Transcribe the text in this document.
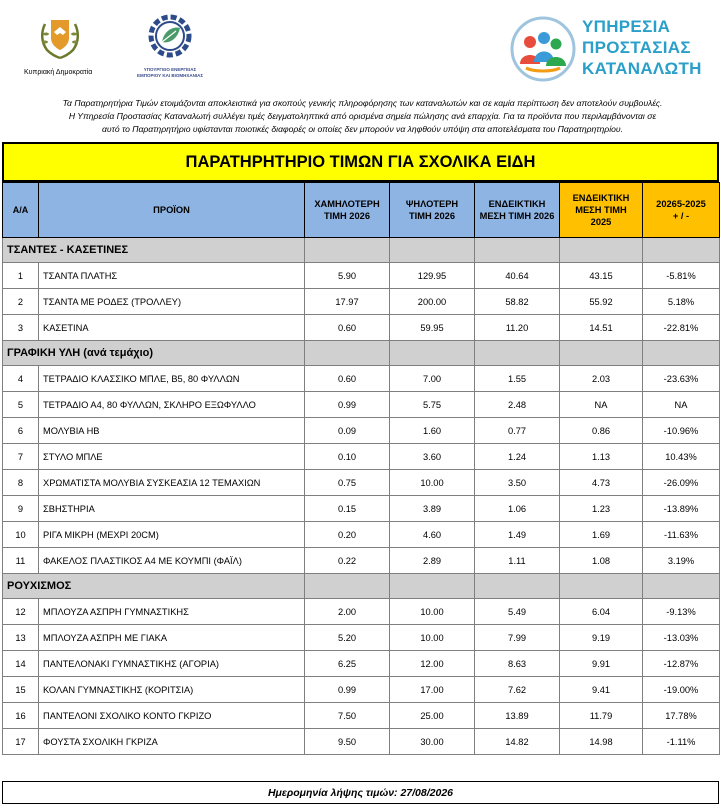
Κυπριακή Δημοκρατία	ΥΠΟΥΡΓΕΙΟ ΕΝΕΡΓΕΙΑΣ
ΕΜΠΟΡΙΟΥ ΚΑΙ ΒΙΟΜΗΧΑΝΙΑΣ
ΥΠΗΡΕΣΙΑ
ΠΡΟΣΤΑΣΙΑΣ
ΚΑΤΑΝΑΛΩΤΗ
Τα Παρατηρητήρια Τιμών ετοιμάζονται αποκλειστικά για σκοπούς γενικής πληροφόρησης των καταναλωτών και σε καμία περίπτωση δεν αποτελούν συμβουλές.
Η Υπηρεσία Προστασίας Καταναλωτή συλλέγει τιμές δειγματοληπτικά από ορισμένα σημεία πώλησης ανά επαρχία. Για τα προϊόντα που περιλαμβάνονται σε
αυτό το Παρατηρητήριο υφίστανται ποιοτικές διαφορές οι οποίες δεν μπορούν να ληφθούν υπόψη στα αποτελέσματα του Παρατηρητηρίου.
ΠΑΡΑΤΗΡΗΤΗΡΙΟ ΤΙΜΩΝ ΓΙΑ ΣΧΟΛΙΚΑ ΕΙΔΗ
Α/Α	ΠΡΟΪΟΝ	ΧΑΜΗΛΟΤΕΡΗ ΤΙΜΗ 2026	ΨΗΛΟΤΕΡΗ ΤΙΜΗ 2026	ΕΝΔΕΙΚΤΙΚΗ ΜΕΣΗ ΤΙΜΗ 2026	ΕΝΔΕΙΚΤΙΚΗ ΜΕΣΗ ΤΙΜΗ 2025	20265-2025
+ / -

ΤΣΑΝΤΕΣ - ΚΑΣΕΤΙΝΕΣ						
1	ΤΣΑΝΤΑ ΠΛΑΤΗΣ	5.90	129.95	40.64	43.15	-5.81%
2	ΤΣΑΝΤΑ ΜΕ ΡΟΔΕΣ (ΤΡΟΛΛΕΥ)	17.97	200.00	58.82	55.92	5.18%
3	ΚΑΣΕΤΙΝΑ	0.60	59.95	11.20	14.51	-22.81%
ΓΡΑΦΙΚΗ ΥΛΗ (ανά τεμάχιο)						
4	ΤΕΤΡΑΔΙΟ ΚΛΑΣΣΙΚΟ ΜΠΛΕ, Β5, 80 ΦΥΛΛΩΝ	0.60	7.00	1.55	2.03	-23.63%
5	ΤΕΤΡΑΔΙΟ Α4, 80 ΦΥΛΛΩΝ, ΣΚΛΗΡΟ ΕΞΩΦΥΛΛΟ	0.99	5.75	2.48	ΝΑ	ΝΑ
6	ΜΟΛΥΒΙΑ ΗΒ	0.09	1.60	0.77	0.86	-10.96%
7	ΣΤΥΛΟ ΜΠΛΕ	0.10	3.60	1.24	1.13	10.43%
8	ΧΡΩΜΑΤΙΣΤΑ ΜΟΛΥΒΙΑ ΣΥΣΚΕΑΣΙΑ 12 ΤΕΜΑΧΙΩΝ	0.75	10.00	3.50	4.73	-26.09%
9	ΣΒΗΣΤΗΡΙΑ	0.15	3.89	1.06	1.23	-13.89%
10	ΡΙΓΑ ΜΙΚΡΗ (ΜΕΧΡΙ 20CM)	0.20	4.60	1.49	1.69	-11.63%
11	ΦΑΚΕΛΟΣ ΠΛΑΣΤΙΚΟΣ Α4 ΜΕ ΚΟΥΜΠΙ (ΦΑΪΛ)	0.22	2.89	1.11	1.08	3.19%
ΡΟΥΧΙΣΜΟΣ						
12	ΜΠΛΟΥΖΑ ΑΣΠΡΗ ΓΥΜΝΑΣΤΙΚΗΣ	2.00	10.00	5.49	6.04	-9.13%
13	ΜΠΛΟΥΖΑ ΑΣΠΡΗ ΜΕ ΓΙΑΚΑ	5.20	10.00	7.99	9.19	-13.03%
14	ΠΑΝΤΕΛΟΝΑΚΙ ΓΥΜΝΑΣΤΙΚΗΣ (ΑΓΟΡΙΑ)	6.25	12.00	8.63	9.91	-12.87%
15	ΚΟΛΑΝ ΓΥΜΝΑΣΤΙΚΗΣ (ΚΟΡΙΤΣΙΑ)	0.99	17.00	7.62	9.41	-19.00%
16	ΠΑΝΤΕΛΟΝΙ ΣΧΟΛΙΚΟ ΚΟΝΤΟ ΓΚΡΙΖΟ	7.50	25.00	13.89	11.79	17.78%
17	ΦΟΥΣΤΑ ΣΧΟΛΙΚΗ ΓΚΡΙΖΑ	9.50	30.00	14.82	14.98	-1.11%
Ημερομηνία λήψης τιμών: 27/08/2026
